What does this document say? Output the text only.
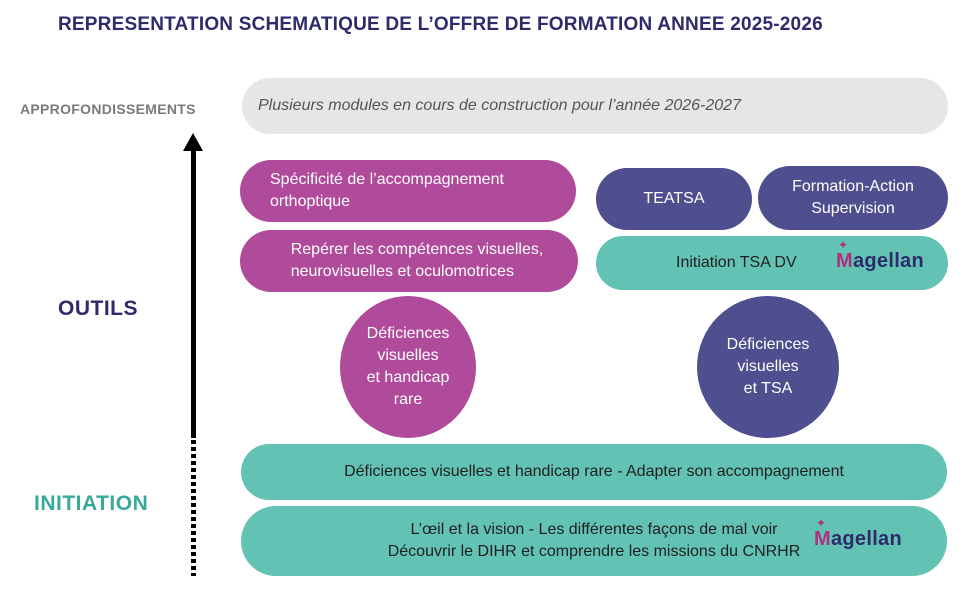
REPRESENTATION SCHEMATIQUE DE L’OFFRE DE FORMATION ANNEE 2025-2026
APPROFONDISSEMENTS
OUTILS
INITIATION
Plusieurs modules en cours de construction pour l’année 2026-2027
Spécificité de l’accompagnement
orthoptique
Repérer les compétences visuelles,
neurovisuelles et oculomotrices
TEATSA
Formation-Action
Supervision
Initiation TSA DV
✦
Magellan
Déficiences
visuelles
et handicap
rare
Déficiences
visuelles
et TSA
Déficiences visuelles et handicap rare - Adapter son accompagnement
L’œil et la vision - Les différentes façons de mal voir
Découvrir le DIHR et comprendre les missions du CNRHR
✦
Magellan
